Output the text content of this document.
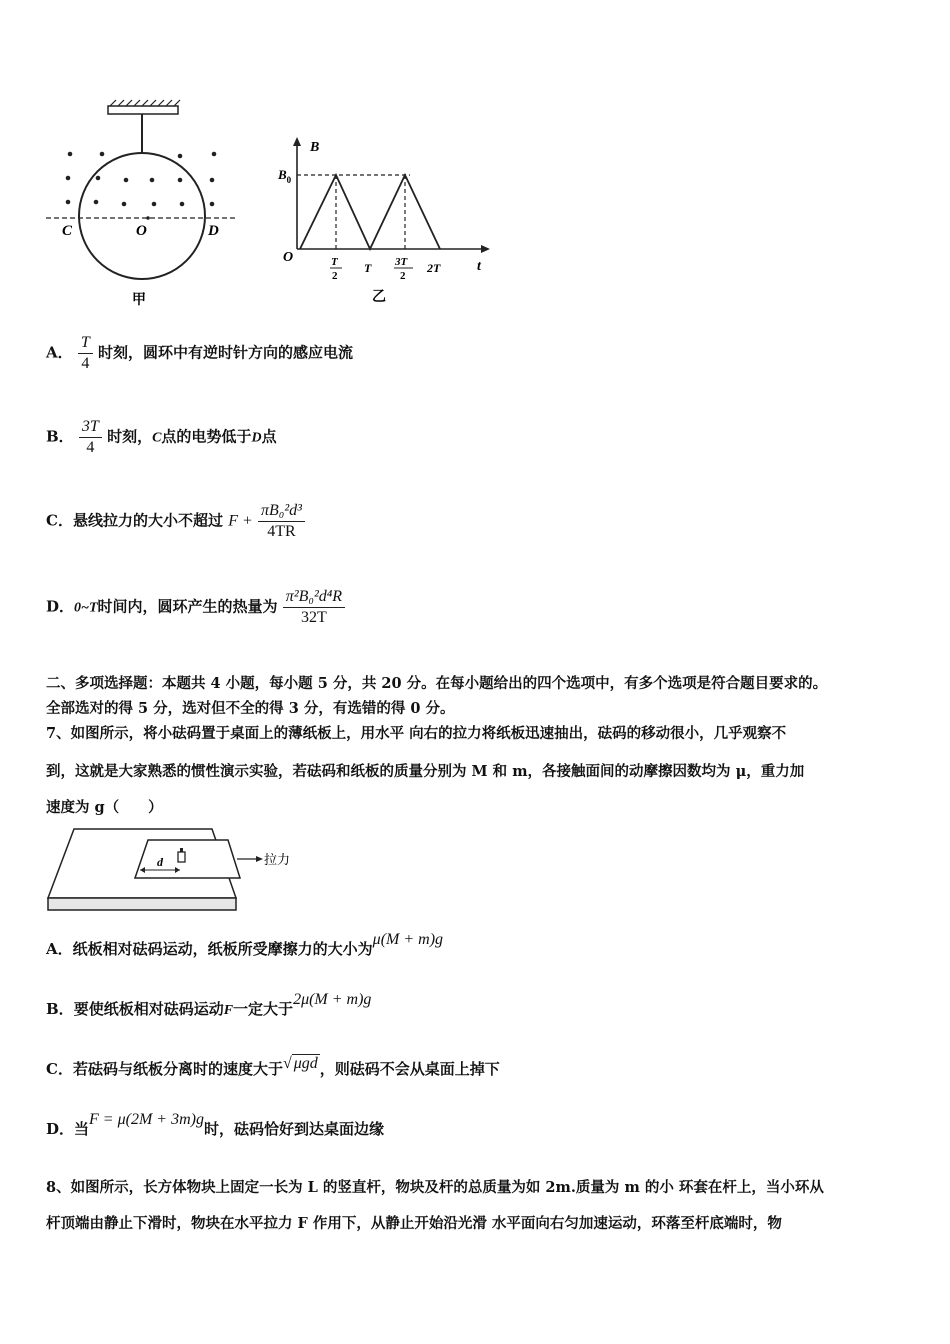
C	O	D
甲
B
t
O
$B_0$
T
2
T 3T
2
2T
乙
A． $\frac{T}{4}$ 时刻，圆环中有逆时针方向的感应电流
B． $\frac{3T}{4}$ 时刻，C点的电势低于D点
C．悬线拉力的大小不超过 $F + \frac{\text{πB₀²d³}}{4TR}$
D．0~T时间内，圆环产生的热量为 $\frac{\text{π²B₀²d⁴R}}{32T}$
二、多项选择题：本题共 4 小题，每小题 5 分，共 20 分。在每小题给出的四个选项中，有多个选项是符合题目要求的。
全部选对的得 5 分，选对但不全的得 3 分，有选错的得 0 分。
7、如图所示，将小砝码置于桌面上的薄纸板上，用水平 向右的拉力将纸板迅速抽出，砝码的移动很小，几乎观察不
到，这就是大家熟悉的惯性演示实验，若砝码和纸板的质量分别为 M 和 m，各接触面间的动摩擦因数均为 μ，重力加
速度为 g（　　）
d	拉力
A．纸板相对砝码运动，纸板所受摩擦力的大小为μ(M + m)g
B．要使纸板相对砝码运动F一定大于2μ(M + m)g
C．若砝码与纸板分离时的速度大于√ μgd ，则砝码不会从桌面上掉下
D．当F = μ(2M + 3m)g时，砝码恰好到达桌面边缘
8、如图所示，长方体物块上固定一长为 L 的竖直杆，物块及杆的总质量为如 2m.质量为 m 的小 环套在杆上，当小环从
杆顶端由静止下滑时，物块在水平拉力 F 作用下，从静止开始沿光滑 水平面向右匀加速运动，环落至杆底端时，物
